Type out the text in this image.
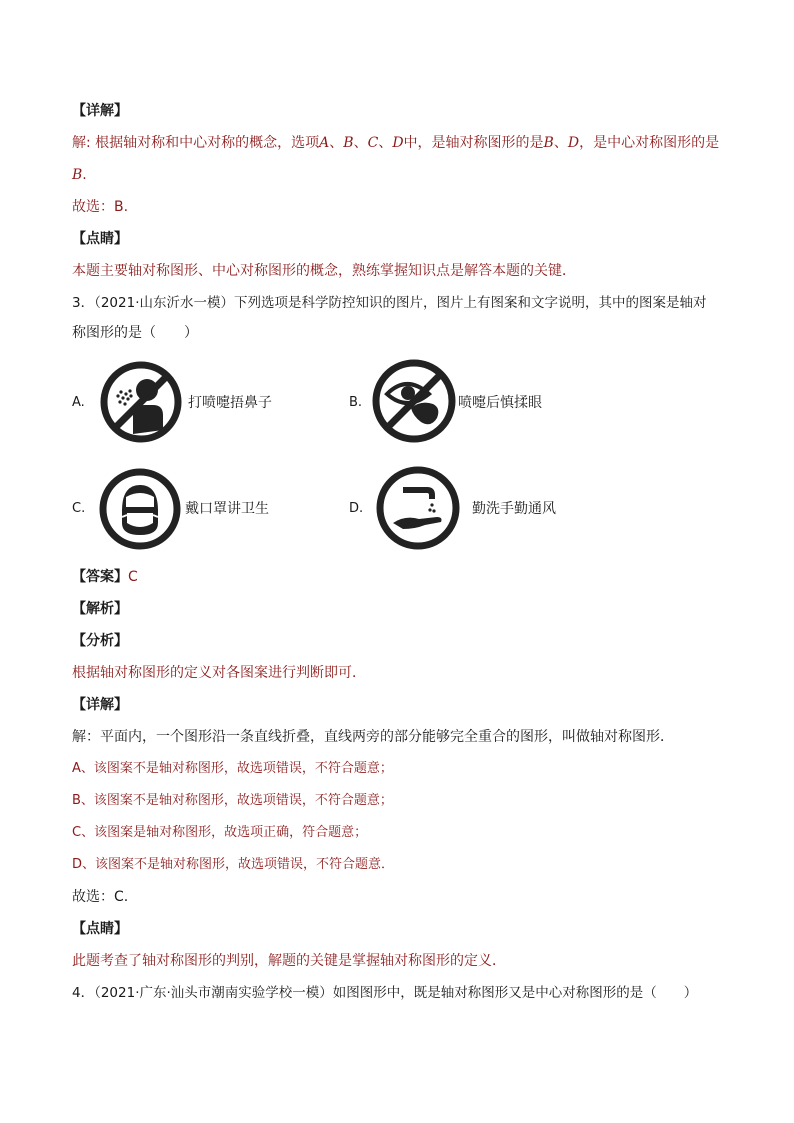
【详解】
解: 根据轴对称和中心对称的概念，选项A、B、C、D中，是轴对称图形的是B、D，是中心对称图形的是
B.
故选：B.
【点睛】
本题主要轴对称图形、中心对称图形的概念，熟练掌握知识点是解答本题的关键．
3．（2021·山东沂水一模）下列选项是科学防控知识的图片，图片上有图案和文字说明，其中的图案是轴对
称图形的是（　　）
A.	打喷嚏捂鼻子	B.	喷嚏后慎揉眼
C.	戴口罩讲卫生	D.	勤洗手勤通风
【答案】C
【解析】
【分析】
根据轴对称图形的定义对各图案进行判断即可．
【详解】
解：平面内，一个图形沿一条直线折叠，直线两旁的部分能够完全重合的图形，叫做轴对称图形．
A、该图案不是轴对称图形，故选项错误，不符合题意；
B、该图案不是轴对称图形，故选项错误，不符合题意；
C、该图案是轴对称图形，故选项正确，符合题意；
D、该图案不是轴对称图形，故选项错误，不符合题意．
故选：C.
【点睛】
此题考查了轴对称图形的判别，解题的关键是掌握轴对称图形的定义．
4．（2021·广东·汕头市潮南实验学校一模）如图图形中，既是轴对称图形又是中心对称图形的是（　　）
